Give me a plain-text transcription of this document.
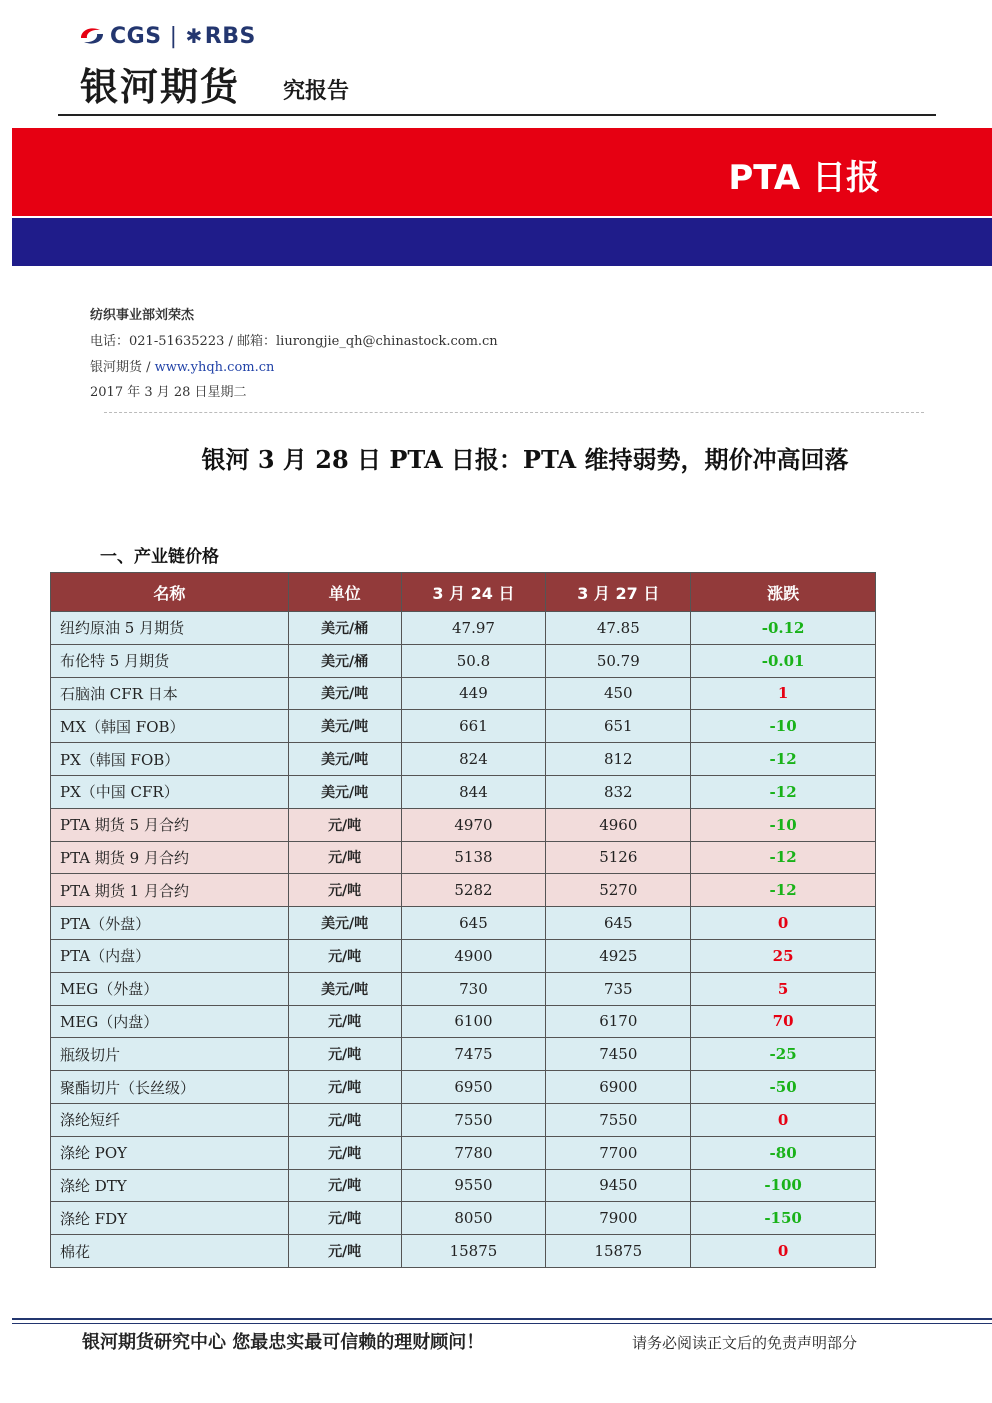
CGS | ✱ RBS
银河期货 究报告
PTA 日报
纺织事业部刘荣杰
电话：021-51635223 / 邮箱：liurongjie_qh@chinastock.com.cn
银河期货 / www.yhqh.com.cn
2017 年 3 月 28 日星期二
银河 3 月 28 日 PTA 日报：PTA 维持弱势，期价冲高回落
一、产业链价格
名称	单位	3 月 24 日	3 月 27 日	涨跌
纽约原油 5 月期货	美元/桶	47.97	47.85	-0.12
布伦特 5 月期货	美元/桶	50.8	50.79	-0.01
石脑油 CFR 日本	美元/吨	449	450	1
MX（韩国 FOB）	美元/吨	661	651	-10
PX（韩国 FOB）	美元/吨	824	812	-12
PX（中国 CFR）	美元/吨	844	832	-12
PTA 期货 5 月合约	元/吨	4970	4960	-10
PTA 期货 9 月合约	元/吨	5138	5126	-12
PTA 期货 1 月合约	元/吨	5282	5270	-12
PTA（外盘）	美元/吨	645	645	0
PTA（内盘）	元/吨	4900	4925	25
MEG（外盘）	美元/吨	730	735	5
MEG（内盘）	元/吨	6100	6170	70
瓶级切片	元/吨	7475	7450	-25
聚酯切片（长丝级）	元/吨	6950	6900	-50
涤纶短纤	元/吨	7550	7550	0
涤纶 POY	元/吨	7780	7700	-80
涤纶 DTY	元/吨	9550	9450	-100
涤纶 FDY	元/吨	8050	7900	-150
棉花	元/吨	15875	15875	0
银河期货研究中心 您最忠实最可信赖的理财顾问！	请务必阅读正文后的免责声明部分
